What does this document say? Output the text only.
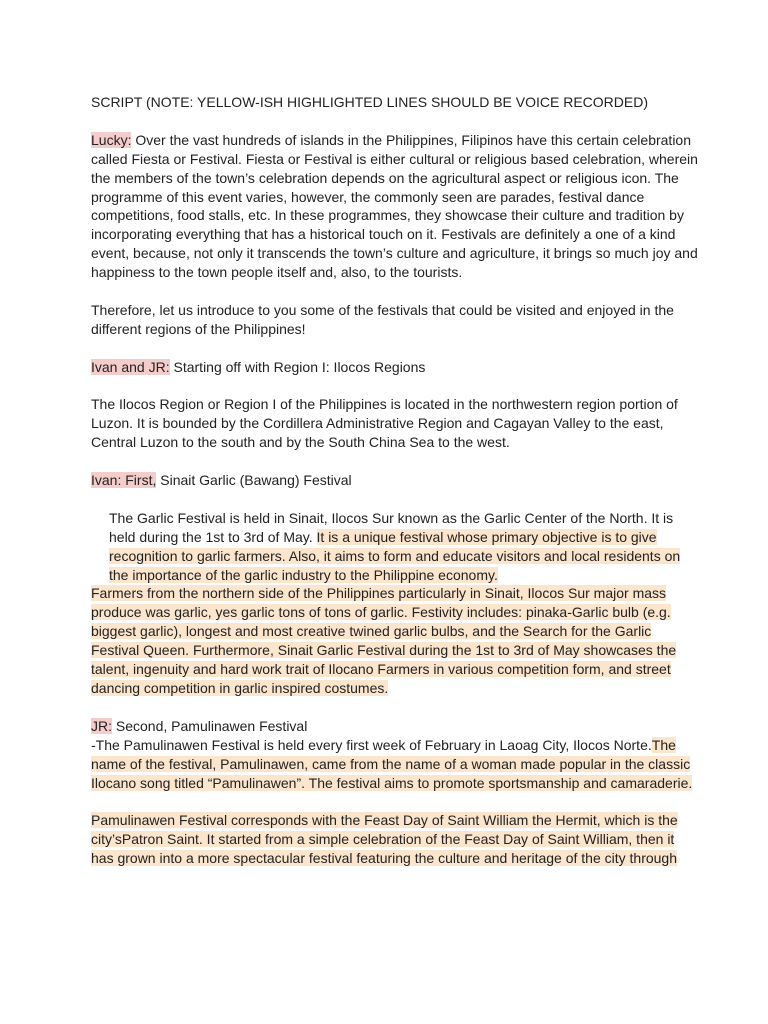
SCRIPT (NOTE: YELLOW-ISH HIGHLIGHTED LINES SHOULD BE VOICE RECORDED)

Lucky: Over the vast hundreds of islands in the Philippines, Filipinos have this certain celebration called Fiesta or Festival. Fiesta or Festival is either cultural or religious based celebration, wherein the members of the town’s celebration depends on the agricultural aspect or religious icon. The programme of this event varies, however, the commonly seen are parades, festival dance competitions, food stalls, etc. In these programmes, they showcase their culture and tradition by incorporating everything that has a historical touch on it. Festivals are definitely a one of a kind event, because, not only it transcends the town’s culture and agriculture, it brings so much joy and happiness to the town people itself and, also, to the tourists.

Therefore, let us introduce to you some of the festivals that could be visited and enjoyed in the different regions of the Philippines!

Ivan and JR: Starting off with Region I: Ilocos Regions

The Ilocos Region or Region I of the Philippines is located in the northwestern region portion of Luzon. It is bounded by the Cordillera Administrative Region and Cagayan Valley to the east, Central Luzon to the south and by the South China Sea to the west.

Ivan: First, Sinait Garlic (Bawang) Festival

The Garlic Festival is held in Sinait, Ilocos Sur known as the Garlic Center of the North. It is held during the 1st to 3rd of May. It is a unique festival whose primary objective is to give recognition to garlic farmers. Also, it aims to form and educate visitors and local residents on the importance of the garlic industry to the Philippine economy.

Farmers from the northern side of the Philippines particularly in Sinait, Ilocos Sur major mass produce was garlic, yes garlic tons of tons of garlic. Festivity includes: pinaka-Garlic bulb (e.g. biggest garlic), longest and most creative twined garlic bulbs, and the Search for the Garlic Festival Queen. Furthermore, Sinait Garlic Festival during the 1st to 3rd of May showcases the talent, ingenuity and hard work trait of Ilocano Farmers in various competition form, and street dancing competition in garlic inspired costumes.

JR: Second, Pamulinawen Festival

-The Pamulinawen Festival is held every first week of February in Laoag City, Ilocos Norte.The name of the festival, Pamulinawen, came from the name of a woman made popular in the classic Ilocano song titled “Pamulinawen”. The festival aims to promote sportsmanship and camaraderie.

Pamulinawen Festival corresponds with the Feast Day of Saint William the Hermit, which is the city’sPatron Saint. It started from a simple celebration of the Feast Day of Saint William, then it has grown into a more spectacular festival featuring the culture and heritage of the city through
